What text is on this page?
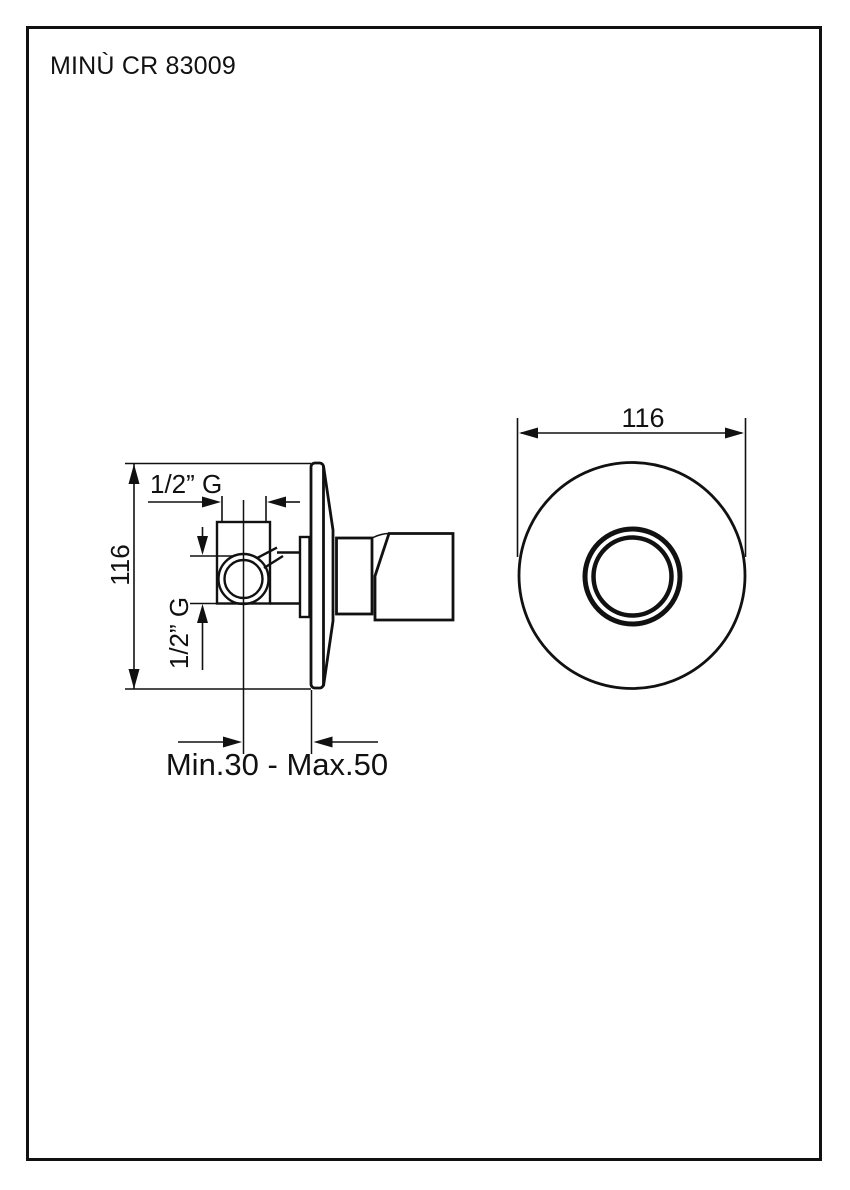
MINÙ CR 83009
116
1/2” G
1/2” G
Min.30 - Max.50
116
